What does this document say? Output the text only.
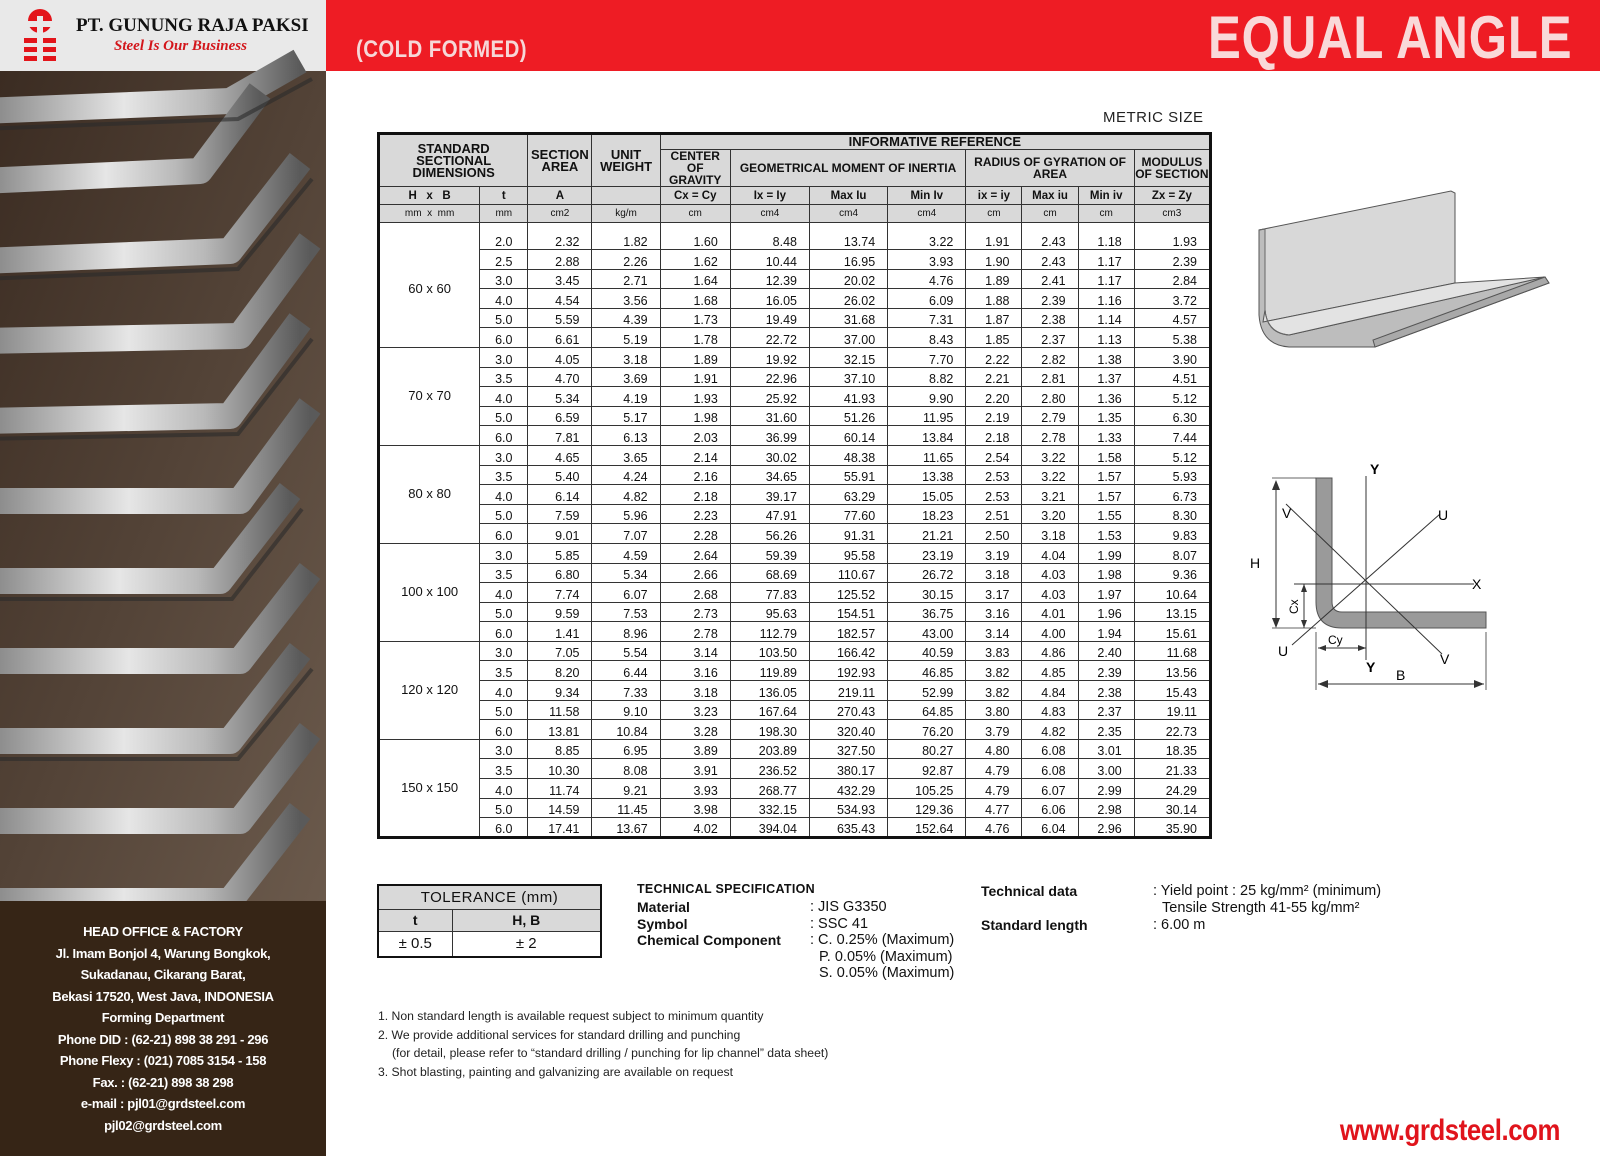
PT. GUNUNG RAJA PAKSI
Steel Is Our Business
HEAD OFFICE & FACTORY
Jl. Imam Bonjol 4, Warung Bongkok,
Sukadanau, Cikarang Barat,
Bekasi 17520, West Java, INDONESIA
Forming Department
Phone DID : (62-21) 898 38 291 - 296
Phone Flexy : (021) 7085 3154 - 158
Fax. : (62-21) 898 38 298
e-mail : pjl01@grdsteel.com
pjl02@grdsteel.com
(COLD FORMED)	EQUAL ANGLE
METRIC SIZE
STANDARD SECTIONAL DIMENSIONS		SECTION AREA	UNIT WEIGHT	INFORMATIVE REFERENCE							
				CENTER OF GRAVITY	GEOMETRICAL MOMENT OF INERTIA			RADIUS OF GYRATION OF AREA			MODULUS OF SECTION
H   x   B	t	A		Cx = Cy	Ix = Iy	Max Iu	Min Iv	ix = iy	Max iu	Min iv	Zx = Zy
mm  x  mm	mm	cm2	kg/m	cm	cm4	cm4	cm4	cm	cm	cm	cm3
60 x 60	2.0	2.32	1.82	1.60	8.48	13.74	3.22	1.91	2.43	1.18	1.93
	2.5	2.88	2.26	1.62	10.44	16.95	3.93	1.90	2.43	1.17	2.39
	3.0	3.45	2.71	1.64	12.39	20.02	4.76	1.89	2.41	1.17	2.84
	4.0	4.54	3.56	1.68	16.05	26.02	6.09	1.88	2.39	1.16	3.72
	5.0	5.59	4.39	1.73	19.49	31.68	7.31	1.87	2.38	1.14	4.57
	6.0	6.61	5.19	1.78	22.72	37.00	8.43	1.85	2.37	1.13	5.38
70 x 70	3.0	4.05	3.18	1.89	19.92	32.15	7.70	2.22	2.82	1.38	3.90
	3.5	4.70	3.69	1.91	22.96	37.10	8.82	2.21	2.81	1.37	4.51
	4.0	5.34	4.19	1.93	25.92	41.93	9.90	2.20	2.80	1.36	5.12
	5.0	6.59	5.17	1.98	31.60	51.26	11.95	2.19	2.79	1.35	6.30
	6.0	7.81	6.13	2.03	36.99	60.14	13.84	2.18	2.78	1.33	7.44
80 x 80	3.0	4.65	3.65	2.14	30.02	48.38	11.65	2.54	3.22	1.58	5.12
	3.5	5.40	4.24	2.16	34.65	55.91	13.38	2.53	3.22	1.57	5.93
	4.0	6.14	4.82	2.18	39.17	63.29	15.05	2.53	3.21	1.57	6.73
	5.0	7.59	5.96	2.23	47.91	77.60	18.23	2.51	3.20	1.55	8.30
	6.0	9.01	7.07	2.28	56.26	91.31	21.21	2.50	3.18	1.53	9.83
100 x 100	3.0	5.85	4.59	2.64	59.39	95.58	23.19	3.19	4.04	1.99	8.07
	3.5	6.80	5.34	2.66	68.69	110.67	26.72	3.18	4.03	1.98	9.36
	4.0	7.74	6.07	2.68	77.83	125.52	30.15	3.17	4.03	1.97	10.64
	5.0	9.59	7.53	2.73	95.63	154.51	36.75	3.16	4.01	1.96	13.15
	6.0	1.41	8.96	2.78	112.79	182.57	43.00	3.14	4.00	1.94	15.61
120 x 120	3.0	7.05	5.54	3.14	103.50	166.42	40.59	3.83	4.86	2.40	11.68
	3.5	8.20	6.44	3.16	119.89	192.93	46.85	3.82	4.85	2.39	13.56
	4.0	9.34	7.33	3.18	136.05	219.11	52.99	3.82	4.84	2.38	15.43
	5.0	11.58	9.10	3.23	167.64	270.43	64.85	3.80	4.83	2.37	19.11
	6.0	13.81	10.84	3.28	198.30	320.40	76.20	3.79	4.82	2.35	22.73
150 x 150	3.0	8.85	6.95	3.89	203.89	327.50	80.27	4.80	6.08	3.01	18.35
	3.5	10.30	8.08	3.91	236.52	380.17	92.87	4.79	6.08	3.00	21.33
	4.0	11.74	9.21	3.93	268.77	432.29	105.25	4.79	6.07	2.99	24.29
	5.0	14.59	11.45	3.98	332.15	534.93	129.36	4.77	6.06	2.98	30.14
	6.0	17.41	13.67	4.02	394.04	635.43	152.64	4.76	6.04	2.96	35.90
Y
Y
V
V
U
U
X
H
B
Cx
Cy
TOLERANCE (mm)	
t	H, B
± 0.5	± 2
TECHNICAL SPECIFICATION
Material	: JIS G3350
Symbol	: SSC 41
Chemical Component	: C. 0.25% (Maximum)
P. 0.05% (Maximum)
S. 0.05% (Maximum)
Technical data	: Yield point : 25 kg/mm² (minimum)
Tensile Strength 41-55 kg/mm²
Standard length	: 6.00 m
1. Non standard length is available request subject to minimum quantity
2. We provide additional services for standard drilling and punching
(for detail, please refer to “standard drilling / punching for lip channel” data sheet)
3. Shot blasting, painting and galvanizing are available on request
www.grdsteel.com
